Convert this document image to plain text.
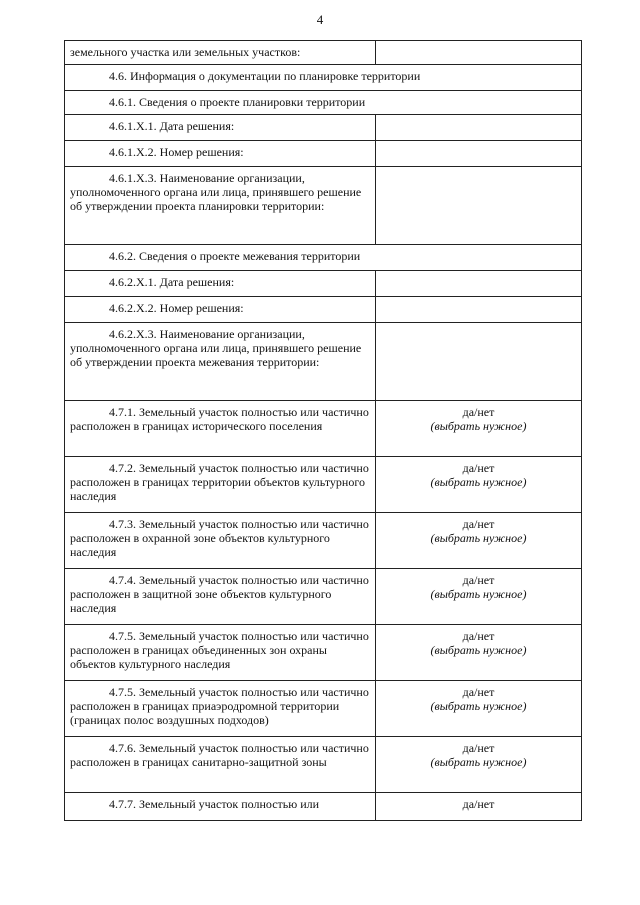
4
земельного участка или земельных участков:	
4.6. Информация о документации по планировке территории	
4.6.1. Сведения о проекте планировки территории	

4.6.1.Х.1. Дата решения:	

4.6.1.Х.2. Номер решения:	

4.6.1.Х.3. Наименование организации, уполномоченного органа или лица, принявшего решение об утверждении проекта планировки территории:	

4.6.2. Сведения о проекте межевания территории	

4.6.2.Х.1. Дата решения:	

4.6.2.Х.2. Номер решения:	

4.6.2.Х.3. Наименование организации, уполномоченного органа или лица, принявшего решение об утверждении проекта межевания территории:	

4.7.1. Земельный участок полностью или частично расположен в границах исторического поселения	да/нет
(выбрать нужное)

4.7.2. Земельный участок полностью или частично расположен в границах территории объектов культурного наследия	да/нет
(выбрать нужное)

4.7.3. Земельный участок полностью или частично расположен в охранной зоне объектов культурного наследия	да/нет
(выбрать нужное)

4.7.4. Земельный участок полностью или частично расположен в защитной зоне объектов культурного наследия	да/нет
(выбрать нужное)

4.7.5. Земельный участок полностью или частично расположен в границах объединенных зон охраны объектов культурного наследия	да/нет
(выбрать нужное)

4.7.5. Земельный участок полностью или частично расположен в границах приаэродромной территории (границах полос воздушных подходов)	да/нет
(выбрать нужное)

4.7.6. Земельный участок полностью или частично расположен в границах санитарно-защитной зоны	да/нет
(выбрать нужное)

4.7.7. Земельный участок полностью или	да/нет
